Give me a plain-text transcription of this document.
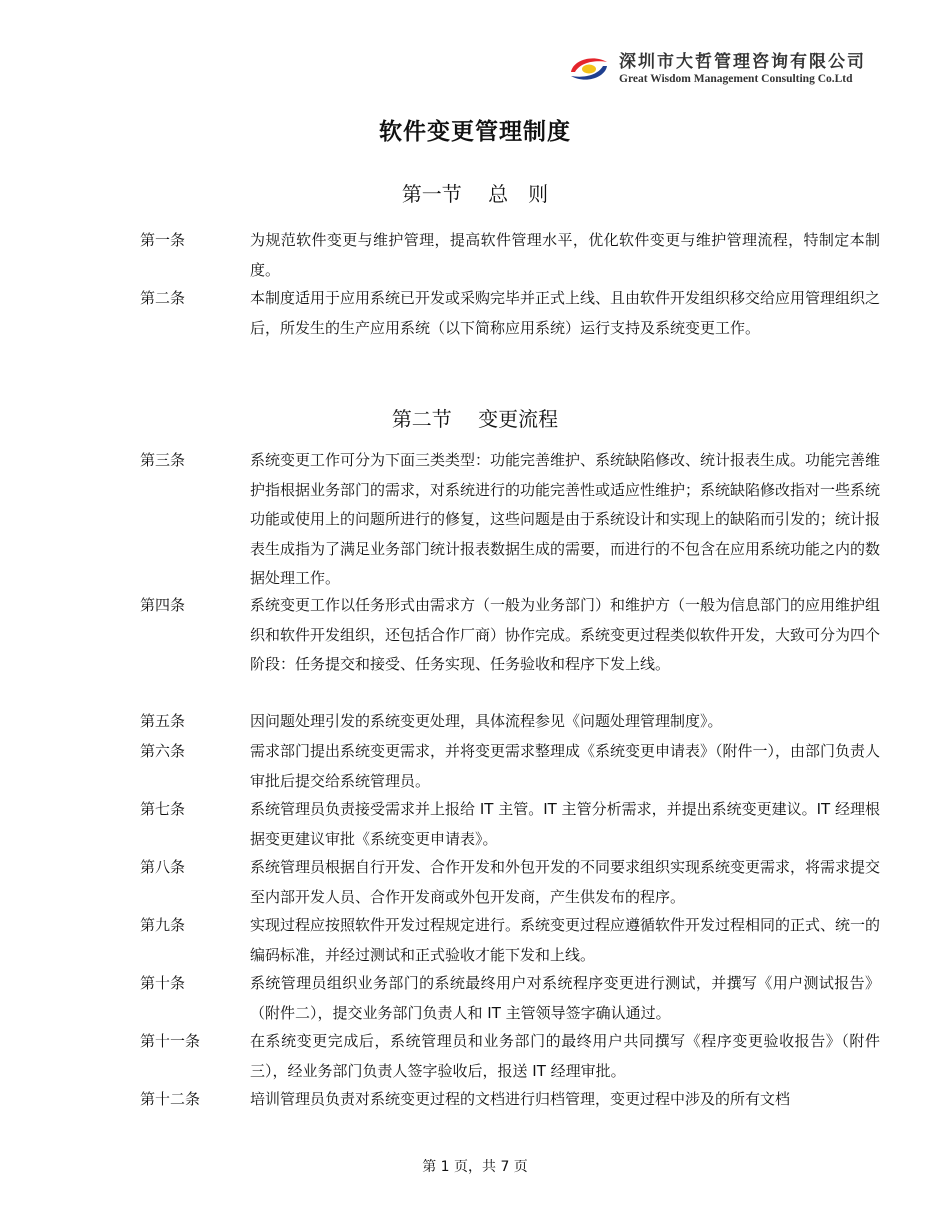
深圳市大哲管理咨询有限公司
Great Wisdom Management Consulting Co.Ltd
软件变更管理制度
第一节　 总　则
第一条	为规范软件变更与维护管理，提高软件管理水平，优化软件变更与维护管理流程，特制定本制度。
第二条	本制度适用于应用系统已开发或采购完毕并正式上线、且由软件开发组织移交给应用管理组织之后，所发生的生产应用系统（以下简称应用系统）运行支持及系统变更工作。
第二节　 变更流程
第三条	系统变更工作可分为下面三类类型：功能完善维护、系统缺陷修改、统计报表生成。功能完善维护指根据业务部门的需求，对系统进行的功能完善性或适应性维护；系统缺陷修改指对一些系统功能或使用上的问题所进行的修复，这些问题是由于系统设计和实现上的缺陷而引发的；统计报表生成指为了满足业务部门统计报表数据生成的需要，而进行的不包含在应用系统功能之内的数据处理工作。
第四条	系统变更工作以任务形式由需求方（一般为业务部门）和维护方（一般为信息部门的应用维护组织和软件开发组织，还包括合作厂商）协作完成。系统变更过程类似软件开发，大致可分为四个阶段：任务提交和接受、任务实现、任务验收和程序下发上线。
第五条	因问题处理引发的系统变更处理，具体流程参见《问题处理管理制度》。
第六条	需求部门提出系统变更需求，并将变更需求整理成《系统变更申请表》（附件一），由部门负责人审批后提交给系统管理员。
第七条	系统管理员负责接受需求并上报给 IT 主管。IT 主管分析需求，并提出系统变更建议。IT 经理根据变更建议审批《系统变更申请表》。
第八条	系统管理员根据自行开发、合作开发和外包开发的不同要求组织实现系统变更需求，将需求提交至内部开发人员、合作开发商或外包开发商，产生供发布的程序。
第九条	实现过程应按照软件开发过程规定进行。系统变更过程应遵循软件开发过程相同的正式、统一的编码标准，并经过测试和正式验收才能下发和上线。
第十条	系统管理员组织业务部门的系统最终用户对系统程序变更进行测试，并撰写《用户测试报告》（附件二），提交业务部门负责人和 IT 主管领导签字确认通过。
第十一条	在系统变更完成后，系统管理员和业务部门的最终用户共同撰写《程序变更验收报告》（附件三），经业务部门负责人签字验收后，报送 IT 经理审批。
第十二条	培训管理员负责对系统变更过程的文档进行归档管理，变更过程中涉及的所有文档
第 1 页，共 7 页
